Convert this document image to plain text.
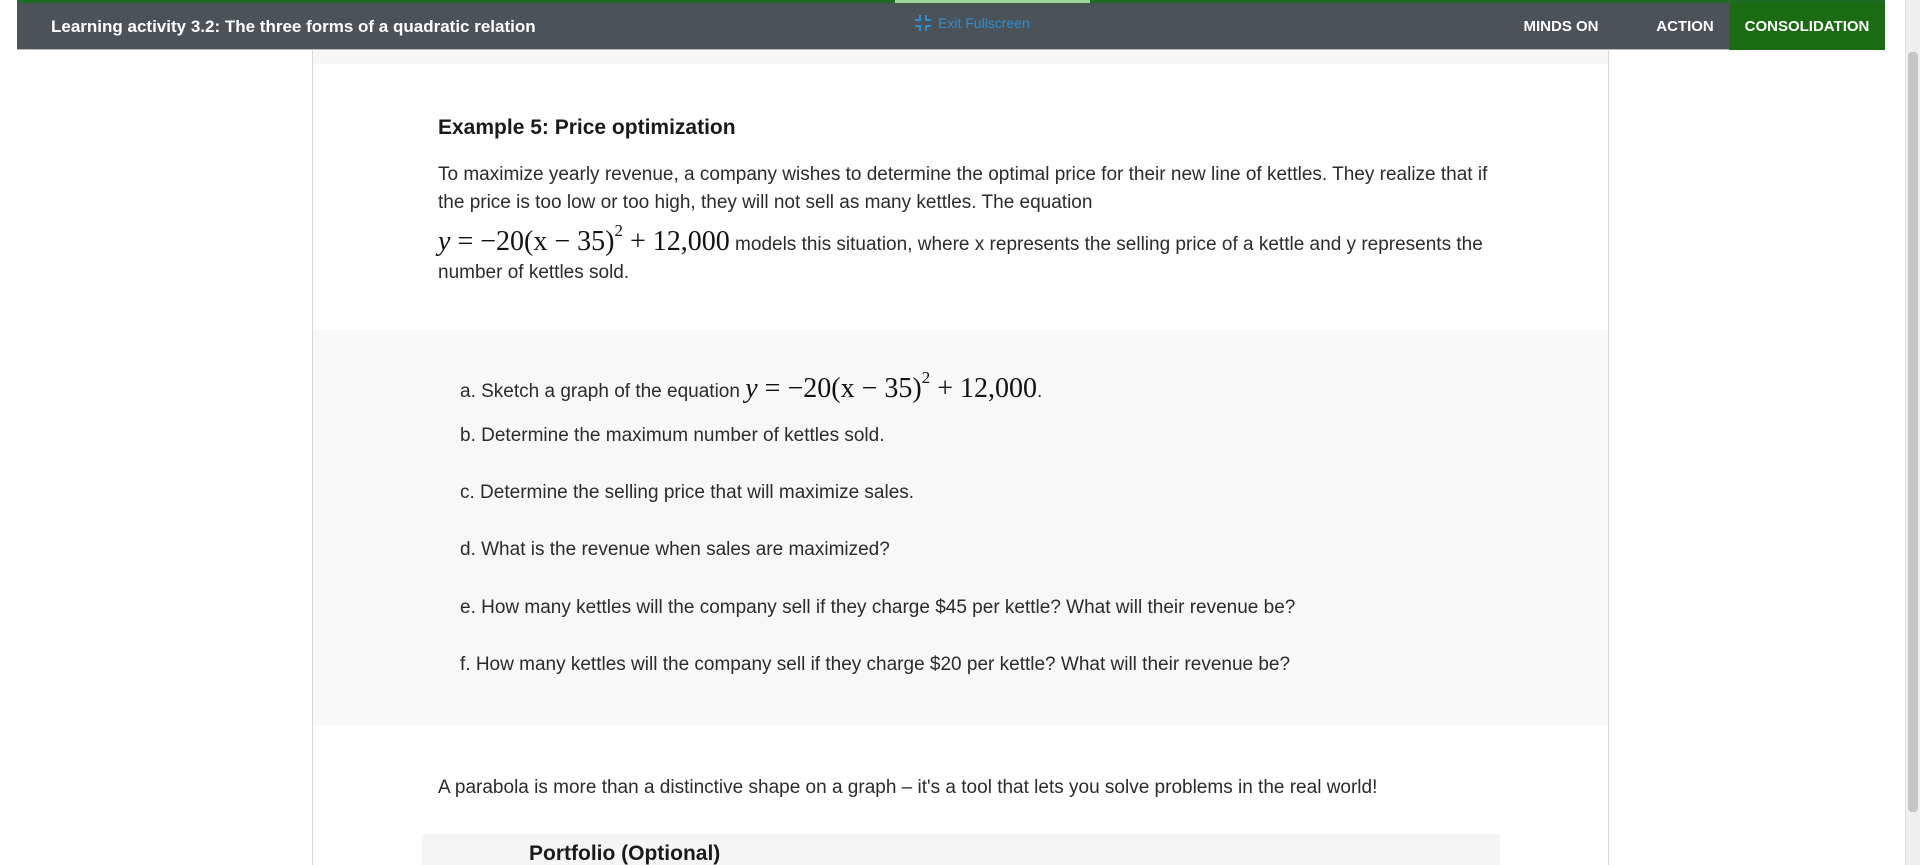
Learning activity 3.2: The three forms of a quadratic relation	Exit Fullscreen	MINDS ON	ACTION	CONSOLIDATION
Example 5: Price optimization

To maximize yearly revenue, a company wishes to determine the optimal price for their new line of kettles. They realize that if the price is too low or too high, they will not sell as many kettles. The equation
$y = -20(x - 35)^2 + 12,000$ models this situation, where x represents the selling price of a kettle and y represents the number of kettles sold.

a. Sketch a graph of the equation $y = -20(x - 35)^2 + 12,000$.
b. Determine the maximum number of kettles sold.
c. Determine the selling price that will maximize sales.
d. What is the revenue when sales are maximized?
e. How many kettles will the company sell if they charge $45 per kettle? What will their revenue be?
f. How many kettles will the company sell if they charge $20 per kettle? What will their revenue be?

A parabola is more than a distinctive shape on a graph – it's a tool that lets you solve problems in the real world!

Portfolio (Optional)
